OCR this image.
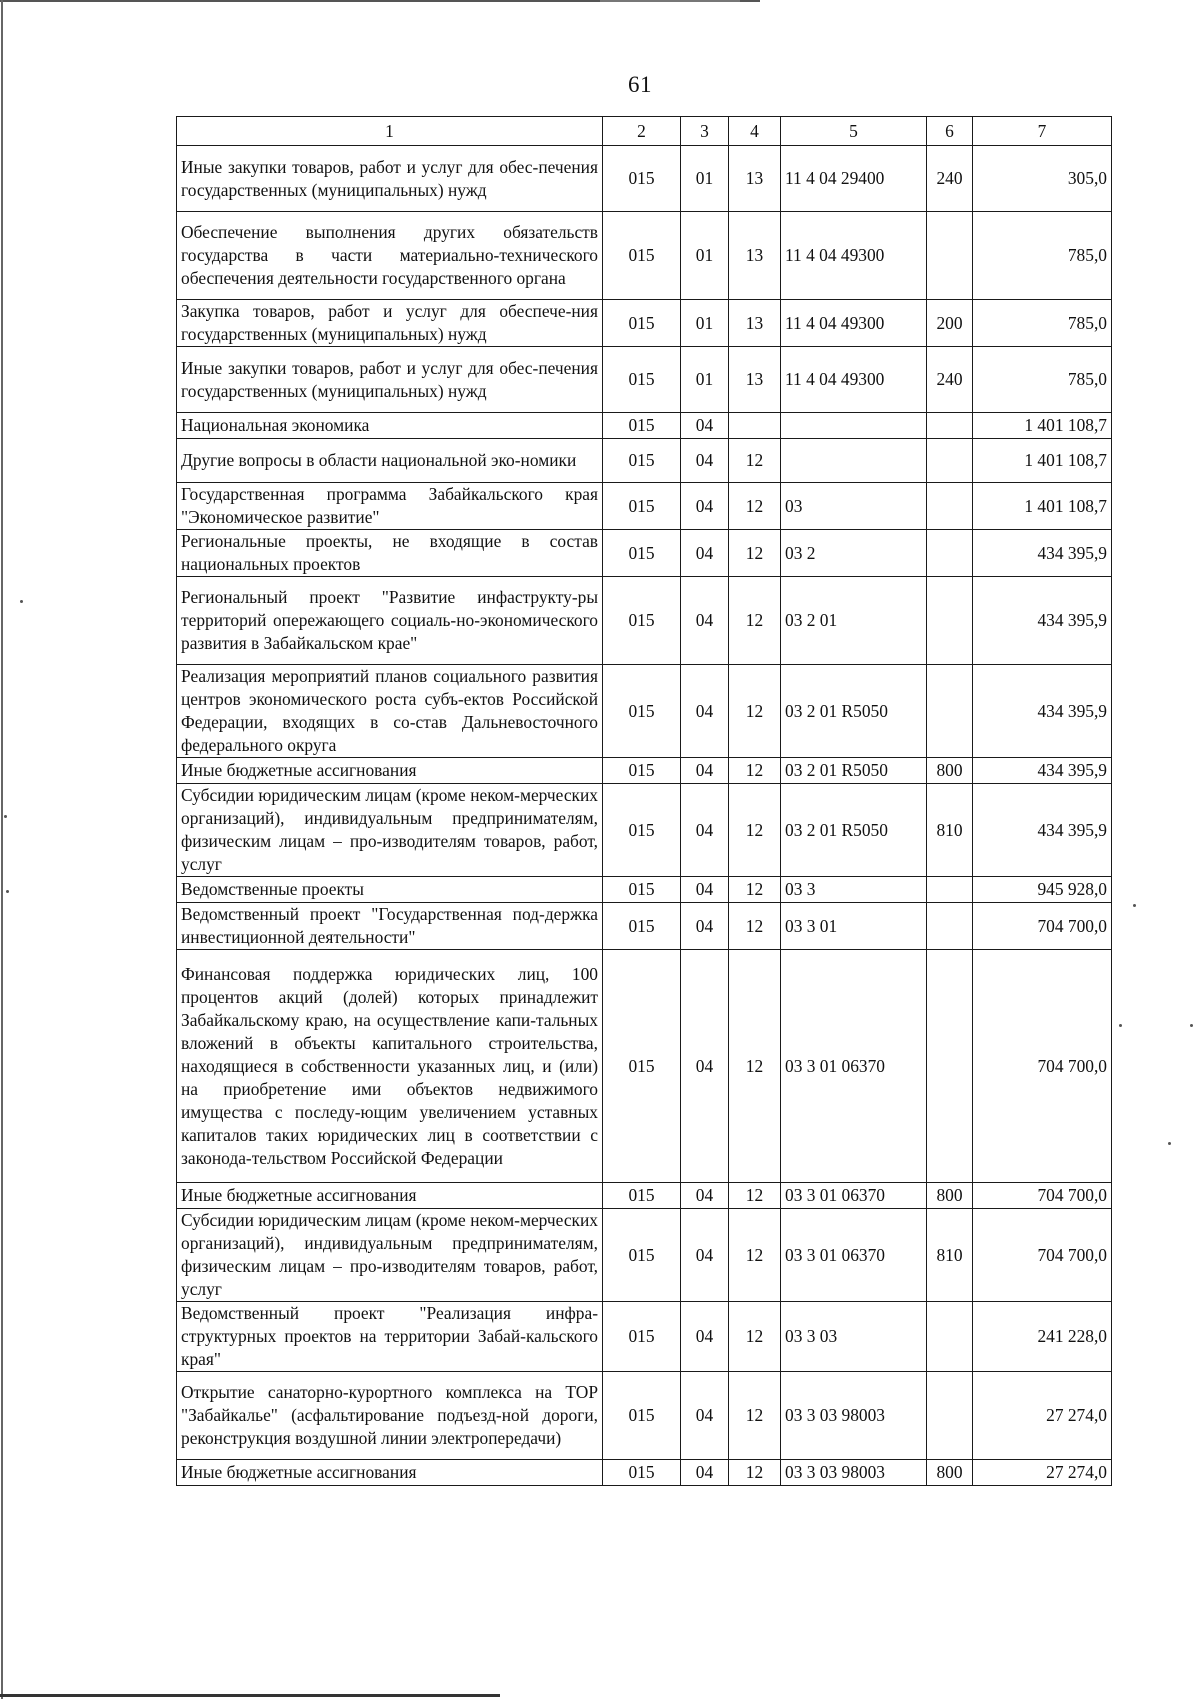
61
1	2	3	4	5	6	7
Иные закупки товаров, работ и услуг для обес-печения государственных (муниципальных) нужд	015	01	13	11 4 04 29400	240	305,0
Обеспечение выполнения других обязательств государства в части материально-технического обеспечения деятельности государственного органа	015	01	13	11 4 04 49300		785,0
Закупка товаров, работ и услуг для обеспече-ния государственных (муниципальных) нужд	015	01	13	11 4 04 49300	200	785,0
Иные закупки товаров, работ и услуг для обес-печения государственных (муниципальных) нужд	015	01	13	11 4 04 49300	240	785,0
Национальная экономика	015	04				1 401 108,7
Другие вопросы в области национальной эко-номики	015	04	12			1 401 108,7
Государственная программа Забайкальского края "Экономическое развитие"	015	04	12	03		1 401 108,7
Региональные проекты, не входящие в состав национальных проектов	015	04	12	03 2		434 395,9
Региональный проект "Развитие инфаструкту-ры территорий опережающего социаль-но-экономического развития в Забайкальском крае"	015	04	12	03 2 01		434 395,9
Реализация мероприятий планов социального развития центров экономического роста субъ-ектов Российской Федерации, входящих в со-став Дальневосточного федерального округа	015	04	12	03 2 01 R5050		434 395,9
Иные бюджетные ассигнования	015	04	12	03 2 01 R5050	800	434 395,9
Субсидии юридическим лицам (кроме неком-мерческих организаций), индивидуальным предпринимателям, физическим лицам – про-изводителям товаров, работ, услуг	015	04	12	03 2 01 R5050	810	434 395,9
Ведомственные проекты	015	04	12	03 3		945 928,0
Ведомственный проект "Государственная под-держка инвестиционной деятельности"	015	04	12	03 3 01		704 700,0
Финансовая поддержка юридических лиц, 100 процентов акций (долей) которых принадлежит Забайкальскому краю, на осуществление капи-тальных вложений в объекты капитального строительства, находящиеся в собственности указанных лиц, и (или) на приобретение ими объектов недвижимого имущества с последу-ющим увеличением уставных капиталов таких юридических лиц в соответствии с законода-тельством Российской Федерации	015	04	12	03 3 01 06370		704 700,0
Иные бюджетные ассигнования	015	04	12	03 3 01 06370	800	704 700,0
Субсидии юридическим лицам (кроме неком-мерческих организаций), индивидуальным предпринимателям, физическим лицам – про-изводителям товаров, работ, услуг	015	04	12	03 3 01 06370	810	704 700,0
Ведомственный проект "Реализация инфра-структурных проектов на территории Забай-кальского края"	015	04	12	03 3 03		241 228,0
Открытие санаторно-курортного комплекса на ТОР "Забайкалье" (асфальтирование подъезд-ной дороги, реконструкция воздушной линии электропередачи)	015	04	12	03 3 03 98003		27 274,0
Иные бюджетные ассигнования	015	04	12	03 3 03 98003	800	27 274,0
